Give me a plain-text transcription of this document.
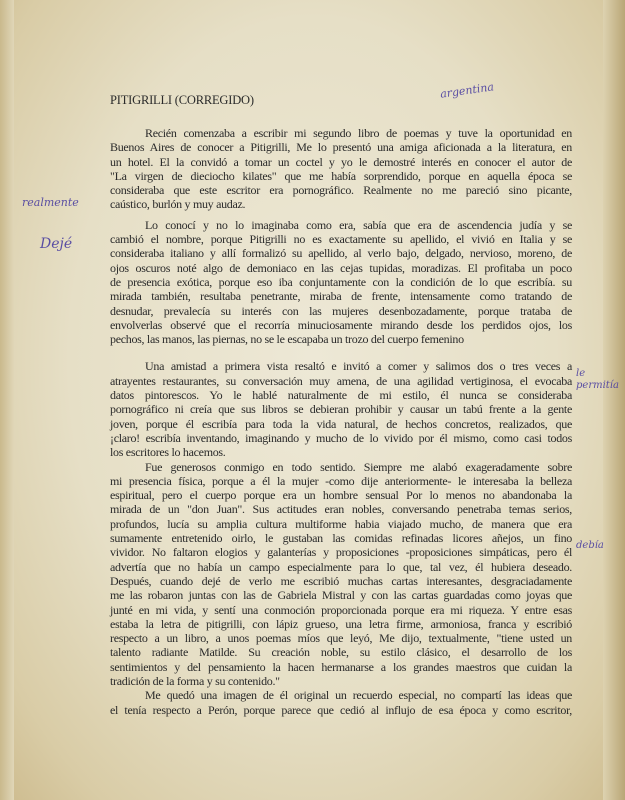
PITIGRILLI (CORREGIDO)
Recién comenzaba a escribir mi segundo libro de poemas y tuve la oportunidad en
Buenos Aires de conocer a Pitigrilli, Me lo presentó una amiga aficionada a la literatura, en
un hotel. El la convidó a tomar un coctel y yo le demostré interés en conocer el autor de
"La virgen de dieciocho kilates" que me había sorprendido, porque en aquella época se
consideraba que este escritor era pornográfico. Realmente no me pareció sino picante,
caústico, burlón y muy audaz.
Lo conocí y no lo imaginaba como era, sabía que era de ascendencia judía y se
cambió el nombre, porque Pitigrilli no es exactamente su apellido, el vivió en Italia y se
consideraba italiano y allí formalizó su apellido, al verlo bajo, delgado, nervioso, moreno, de
ojos oscuros noté algo de demoniaco en las cejas tupidas, moradizas. El profitaba un poco
de presencia exótica, porque eso iba conjuntamente con la condición de lo que escribía. su
mirada también, resultaba penetrante, miraba de frente, intensamente como tratando de
desnudar, prevalecía su interés con las mujeres desenbozadamente, porque trataba de
envolverlas observé que el recorría minuciosamente mirando desde los perdidos ojos, los
pechos, las manos, las piernas, no se le escapaba un trozo del cuerpo femenino
Una amistad a primera vista resaltó e invitó a comer y salimos dos o tres veces a
atrayentes restaurantes, su conversación muy amena, de una agilidad vertiginosa, el evocaba
datos pintorescos. Yo le hablé naturalmente de mi estilo, él nunca se consideraba
pornográfico ni creía que sus libros se debieran prohibir y causar un tabú frente a la gente
joven, porque él escribía para toda la vida natural, de hechos concretos, realizados, que
¡claro! escribía inventando, imaginando y mucho de lo vivido por él mismo, como casi todos
los escritores lo hacemos.
Fue generosos conmigo en todo sentido. Siempre me alabó exageradamente sobre
mi presencia física, porque a él la mujer -como dije anteriormente- le interesaba la belleza
espiritual, pero el cuerpo porque era un hombre sensual Por lo menos no abandonaba la
mirada de un "don Juan". Sus actitudes eran nobles, conversando penetraba temas serios,
profundos, lucía su amplia cultura multiforme habia viajado mucho, de manera que era
sumamente entretenido oirlo, le gustaban las comidas refinadas licores añejos, un fino
vividor. No faltaron elogios y galanterías y proposiciones -proposiciones simpáticas, pero él
advertía que no había un campo especialmente para lo que, tal vez, él hubiera deseado.
Después, cuando dejé de verlo me escribió muchas cartas interesantes, desgraciadamente
me las robaron juntas con las de Gabriela Mistral y con las cartas guardadas como joyas que
junté en mi vida, y sentí una conmoción proporcionada porque era mi riqueza. Y entre esas
estaba la letra de pitigrilli, con lápiz grueso, una letra firme, armoniosa, franca y escribió
respecto a un libro, a unos poemas míos que leyó, Me dijo, textualmente, "tiene usted un
talento radiante Matilde. Su creación noble, su estilo clásico, el desarrollo de los
sentimientos y del pensamiento la hacen hermanarse a los grandes maestros que cuidan la
tradición de la forma y su contenido."
Me quedó una imagen de él original un recuerdo especial, no compartí las ideas que
el tenía respecto a Perón, porque parece que cedió al influjo de esa época y como escritor,
argentina
realmente
Dejé
le permitía
debía
